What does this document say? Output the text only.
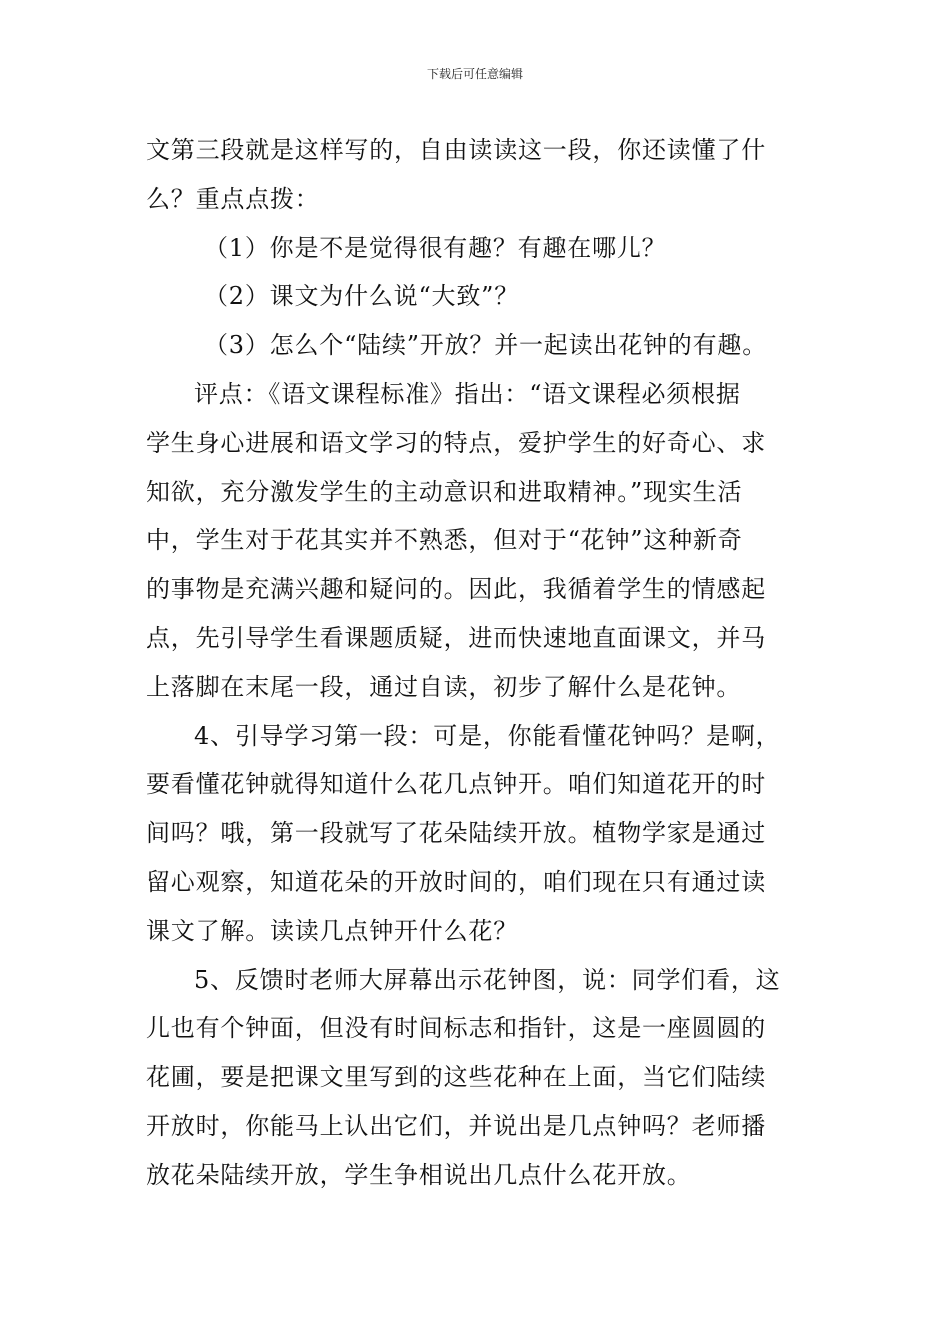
下载后可任意编辑
文第三段就是这样写的，自由读读这一段，你还读懂了什
么？重点点拨：
（1）你是不是觉得很有趣？有趣在哪儿？
（2）课文为什么说“大致”？
（3）怎么个“陆续”开放？并一起读出花钟的有趣。
评点：《语文课程标准》指出：“语文课程必须根据
学生身心进展和语文学习的特点，爱护学生的好奇心、求
知欲，充分激发学生的主动意识和进取精神。”现实生活
中，学生对于花其实并不熟悉，但对于“花钟”这种新奇
的事物是充满兴趣和疑问的。因此，我循着学生的情感起
点，先引导学生看课题质疑，进而快速地直面课文，并马
上落脚在末尾一段，通过自读，初步了解什么是花钟。
4、引导学习第一段：可是，你能看懂花钟吗？是啊，
要看懂花钟就得知道什么花几点钟开。咱们知道花开的时
间吗？哦，第一段就写了花朵陆续开放。植物学家是通过
留心观察，知道花朵的开放时间的，咱们现在只有通过读
课文了解。读读几点钟开什么花？
5、反馈时老师大屏幕出示花钟图，说：同学们看，这
儿也有个钟面，但没有时间标志和指针，这是一座圆圆的
花圃，要是把课文里写到的这些花种在上面，当它们陆续
开放时，你能马上认出它们，并说出是几点钟吗？老师播
放花朵陆续开放，学生争相说出几点什么花开放。
